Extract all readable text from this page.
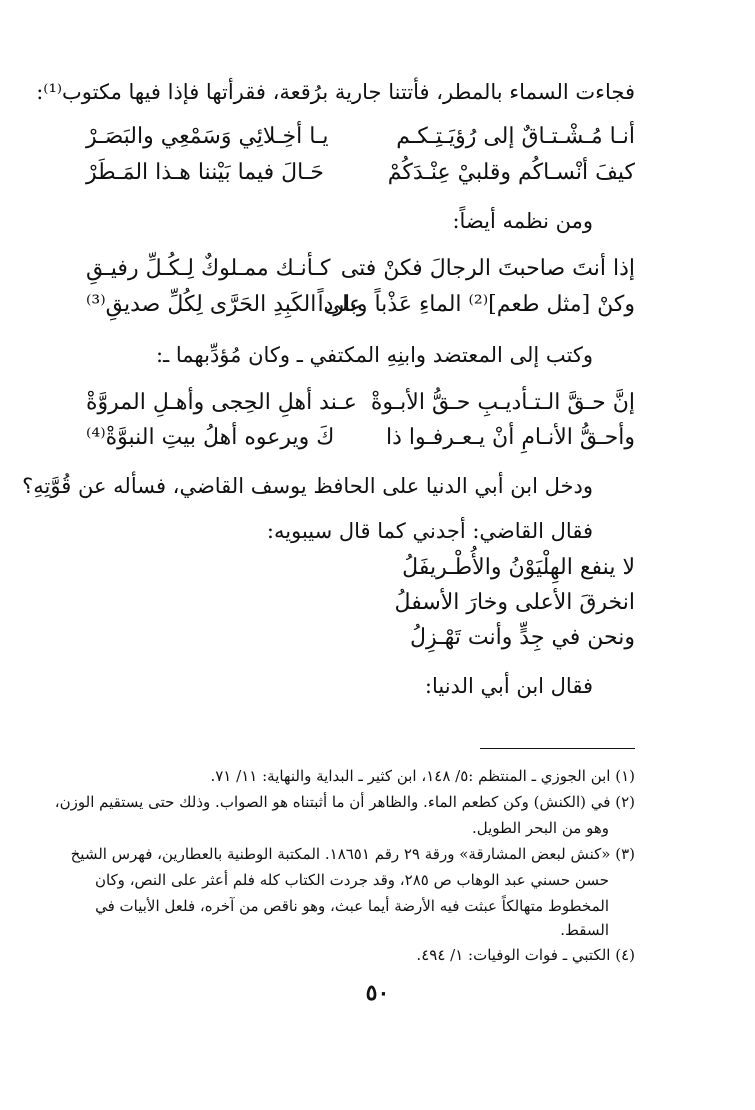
فجاءت السماء بالمطر، فأتتنا جارية برُقعة، فقرأتها فإذا فيها مكتوب⁽¹⁾:
أنـا مُـشْـتـاقٌ إلى رُؤيَـتِـكـم
يـا أخِـلائِي وَسَمْعِي والبَصَـرْ
كيفَ أنْسـاكُم وقلبيْ عِنْـدَكُمْ
حَـالَ فيما بَيْننا هـذا المَـطَرْ
ومن نظمه أيضاً:
إذا أنتَ صاحبتَ الرجالَ فكنْ فتى
كـأنـك ممـلوكٌ لِـكُـلِّ رفيـقِ
وكنْ [مثل طعم]⁽²⁾ الماءِ عَذْباً وبارداً
على الكَبِدِ الحَرَّى لِكُلِّ صديقِ⁽³⁾
وكتب إلى المعتضد وابنِهِ المكتفي ـ وكان مُؤدِّبهما ـ:
إنَّ حـقَّ الـتـأديـبِ حـقُّ الأبـوةْ
عـند أهلِ الحِجى وأهـلِ المروَّةْ
وأحـقُّ الأنـامِ أنْ يـعـرفـوا ذا
كَ ويرعوه أهلُ بيتِ النبوَّةْ⁽⁴⁾
ودخل ابن أبي الدنيا على الحافظ يوسف القاضي، فسأله عن قُوَّتِهِ؟
فقال القاضي: أجدني كما قال سيبويه:
لا ينفع الهِلْيَوْنُ والأُطْـريفَلُ
انخرقَ الأعلى وخارَ الأسفلُ
ونحن في جِدٍّ وأنت تَهْـزِلُ
فقال ابن أبي الدنيا:
(١) ابن الجوزي ـ المنتظم :٥/ ١٤٨، ابن كثير ـ البداية والنهاية: ١١/ ٧١.
(٢) في (الكنش) وكن كطعم الماء. والظاهر أن ما أثبتناه هو الصواب. وذلك حتى يستقيم الوزن،
وهو من البحر الطويل.
(٣) «كنش لبعض المشارقة» ورقة ٢٩ رقم ١٨٦٥١. المكتبة الوطنية بالعطارين، فهرس الشيخ
حسن حسني عبد الوهاب ص ٢٨٥، وقد جردت الكتاب كله فلم أعثر على النص، وكان
المخطوط متهالكاً عبثت فيه الأرضة أيما عبث، وهو ناقص من آخره، فلعل الأبيات في
السقط.
(٤) الكتبي ـ فوات الوفيات: ١/ ٤٩٤.
٥٠
